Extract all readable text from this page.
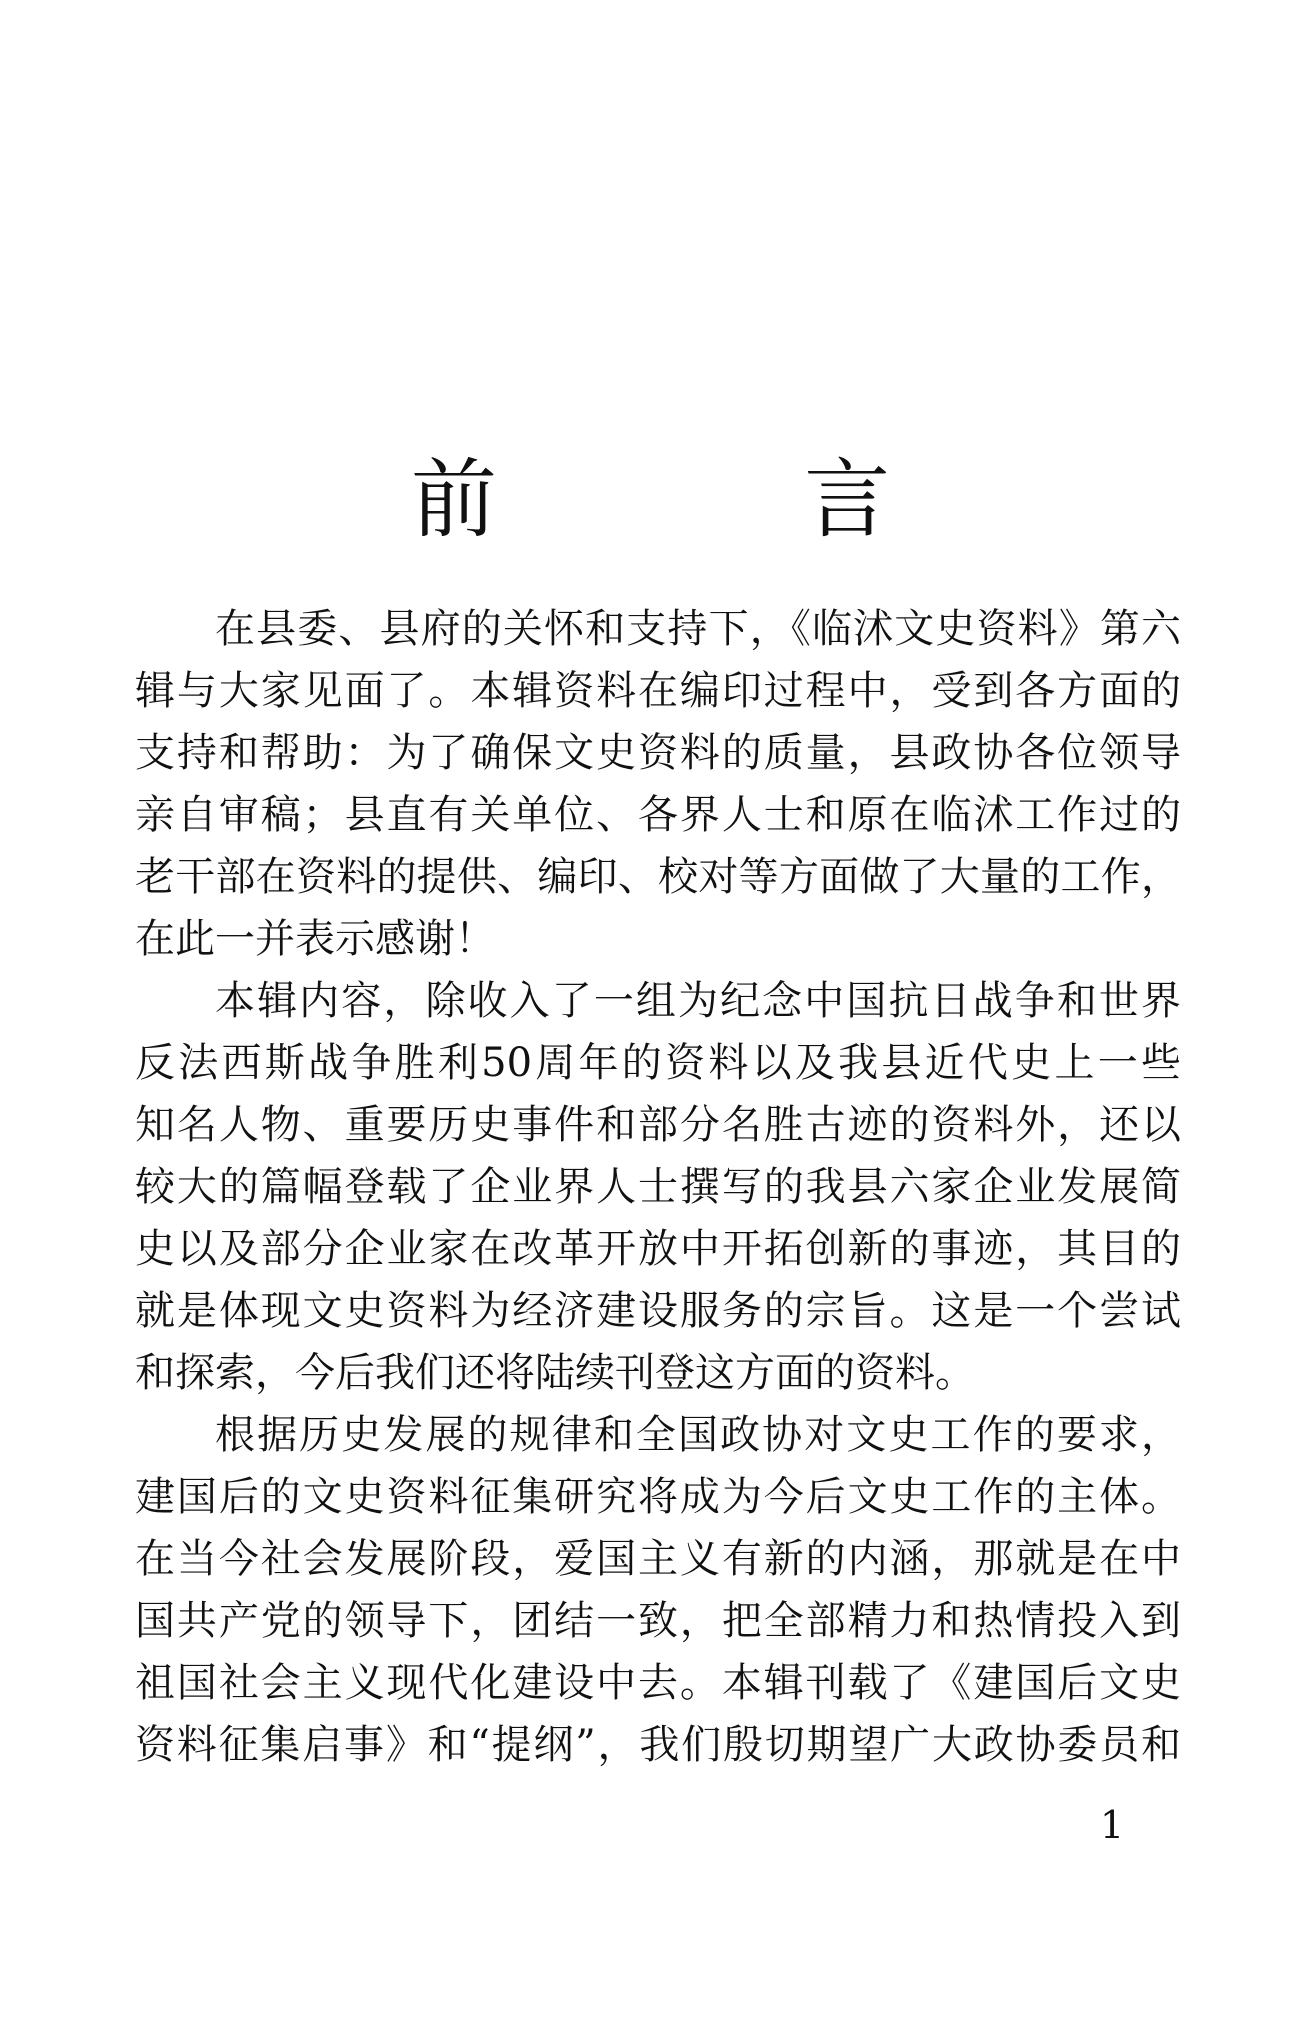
前 言
在县委、县府的关怀和支持下，《临沭文史资料》第六
辑与大家见面了。本辑资料在编印过程中，受到各方面的
支持和帮助：为了确保文史资料的质量，县政协各位领导
亲自审稿；县直有关单位、各界人士和原在临沭工作过的
老干部在资料的提供、编印、校对等方面做了大量的工作，
在此一并表示感谢！
本辑内容，除收入了一组为纪念中国抗日战争和世界
反法西斯战争胜利50周年的资料以及我县近代史上一些
知名人物、重要历史事件和部分名胜古迹的资料外，还以
较大的篇幅登载了企业界人士撰写的我县六家企业发展简
史以及部分企业家在改革开放中开拓创新的事迹，其目的
就是体现文史资料为经济建设服务的宗旨。这是一个尝试
和探索，今后我们还将陆续刊登这方面的资料。
根据历史发展的规律和全国政协对文史工作的要求，
建国后的文史资料征集研究将成为今后文史工作的主体。
在当今社会发展阶段，爱国主义有新的内涵，那就是在中
国共产党的领导下，团结一致，把全部精力和热情投入到
祖国社会主义现代化建设中去。本辑刊载了《建国后文史
资料征集启事》和“提纲”，我们殷切期望广大政协委员和
1
